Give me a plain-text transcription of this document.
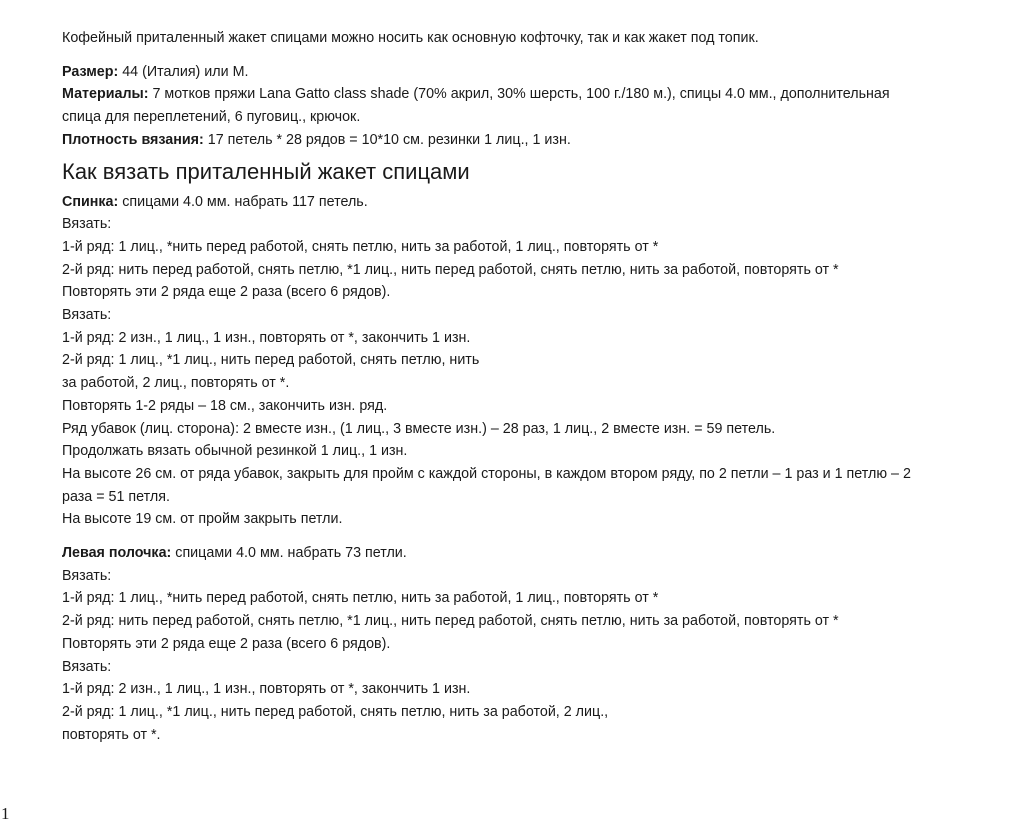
Кофейный приталенный жакет спицами можно носить как основную кофточку, так и как жакет под топик.

Размер: 44 (Италия) или М.

Материалы: 7 мотков пряжи Lana Gatto class shade (70% акрил, 30% шерсть, 100 г./180 м.), спицы 4.0 мм., дополнительная

спица для переплетений, 6 пуговиц., крючок.

Плотность вязания: 17 петель * 28 рядов = 10*10 см. резинки 1 лиц., 1 изн.

Как вязать приталенный жакет спицами

Спинка: спицами 4.0 мм. набрать 117 петель.

Вязать:

1-й ряд: 1 лиц., *нить перед работой, снять петлю, нить за работой, 1 лиц., повторять от *

2-й ряд: нить перед работой, снять петлю, *1 лиц., нить перед работой, снять петлю, нить за работой, повторять от *

Повторять эти 2 ряда еще 2 раза (всего 6 рядов).

Вязать:

1-й ряд: 2 изн., 1 лиц., 1 изн., повторять от *, закончить 1 изн.

2-й ряд: 1 лиц., *1 лиц., нить перед работой, снять петлю, нить

за работой, 2 лиц., повторять от *.

Повторять 1-2 ряды – 18 см., закончить изн. ряд.

Ряд убавок (лиц. сторона): 2 вместе изн., (1 лиц., 3 вместе изн.) – 28 раз, 1 лиц., 2 вместе изн. = 59 петель.

Продолжать вязать обычной резинкой 1 лиц., 1 изн.

На высоте 26 см. от ряда убавок, закрыть для пройм с каждой стороны, в каждом втором ряду, по 2 петли – 1 раз и 1 петлю – 2

раза = 51 петля.

На высоте 19 см. от пройм закрыть петли.

Левая полочка: спицами 4.0 мм. набрать 73 петли.

Вязать:

1-й ряд: 1 лиц., *нить перед работой, снять петлю, нить за работой, 1 лиц., повторять от *

2-й ряд: нить перед работой, снять петлю, *1 лиц., нить перед работой, снять петлю, нить за работой, повторять от *

Повторять эти 2 ряда еще 2 раза (всего 6 рядов).

Вязать:

1-й ряд: 2 изн., 1 лиц., 1 изн., повторять от *, закончить 1 изн.

2-й ряд: 1 лиц., *1 лиц., нить перед работой, снять петлю, нить за работой, 2 лиц.,

повторять от *.

1
